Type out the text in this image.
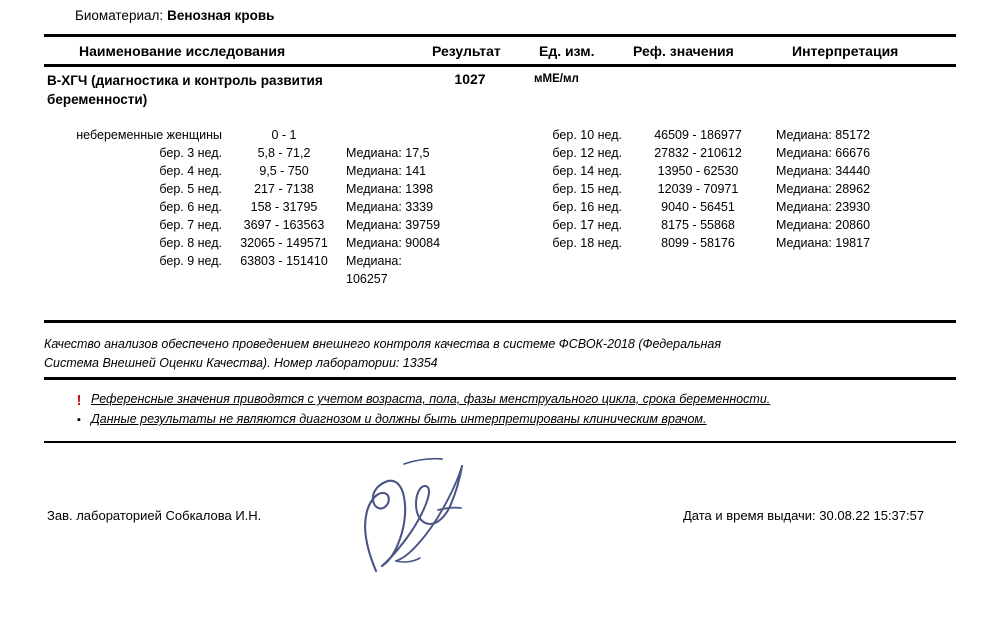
Биоматериал: Венозная кровь
Наименование исследования	Результат	Ед. изм.	Реф. значения	Интерпретация
В-ХГЧ (диагностика и контроль развития беременности)
1027	мМЕ/мл
небеременные женщины	0 - 1
бер. 3 нед.	5,8 - 71,2	Медиана: 17,5
бер. 4 нед.	9,5 - 750	Медиана: 141
бер. 5 нед.	217 - 7138	Медиана: 1398
бер. 6 нед.	158 - 31795	Медиана: 3339
бер. 7 нед.	3697 - 163563	Медиана: 39759
бер. 8 нед.	32065 - 149571	Медиана: 90084
бер. 9 нед.	63803 - 151410	Медиана:
106257
бер. 10 нед.	46509 - 186977	Медиана: 85172
бер. 12 нед.	27832 - 210612	Медиана: 66676
бер. 14 нед.	13950 - 62530	Медиана: 34440
бер. 15 нед.	12039 - 70971	Медиана: 28962
бер. 16 нед.	9040 - 56451	Медиана: 23930
бер. 17 нед.	8175 - 55868	Медиана: 20860
бер. 18 нед.	8099 - 58176	Медиана: 19817
Качество анализов обеспечено проведением внешнего контроля качества в системе ФСВОК-2018 (Федеральная
Система Внешней Оценки Качества). Номер лаборатории: 13354
! Референсные значения приводятся с учетом возраста, пола, фазы менструального цикла, срока беременности.
▪ Данные результаты не являются диагнозом и должны быть интерпретированы клиническим врачом.
Зав. лабораторией Собкалова И.Н.	Дата и время выдачи: 30.08.22 15:37:57
